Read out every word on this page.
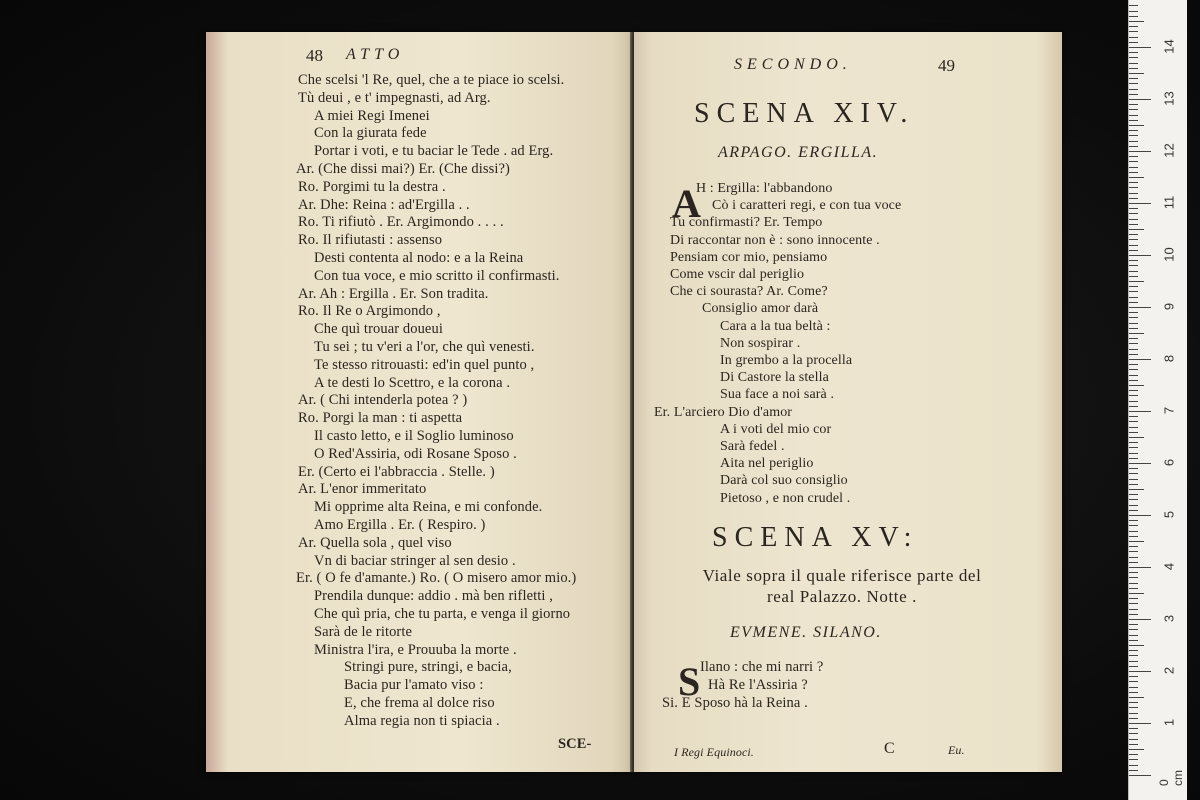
48 ATTO
Che scelsi 'l Re, quel, che a te piace io scelsi.
Tù deui , e t' impegnasti, ad Arg.
A miei Regi Imenei
Con la giurata fede
Portar i voti, e tu baciar le Tede . ad Erg.
Ar. (Che dissi mai?) Er. (Che dissi?)
Ro. Porgimi tu la destra .
Ar. Dhe: Reina : ad'Ergilla . .
Ro. Ti rifiutò . Er. Argimondo . . . .
Ro. Il rifiutasti : assenso
Desti contenta al nodo: e a la Reina
Con tua voce, e mio scritto il confirmasti.
Ar. Ah : Ergilla . Er. Son tradita.
Ro. Il Re o Argimondo ,
Che quì trouar doueui
Tu sei ; tu v'eri a l'or, che quì venesti.
Te stesso ritrouasti: ed'in quel punto ,
A te desti lo Scettro, e la corona .
Ar. ( Chi intenderla potea ? )
Ro. Porgi la man : ti aspetta
Il casto letto, e il Soglio luminoso
O Red'Assiria, odi Rosane Sposo .
Er. (Certo ei l'abbraccia . Stelle. )
Ar. L'enor immeritato
Mi opprime alta Reina, e mi confonde.
Amo Ergilla . Er. ( Respiro. )
Ar. Quella sola , quel viso
Vn di baciar stringer al sen desio .
Er. ( O fe d'amante.) Ro. ( O misero amor mio.)
Prendila dunque: addio . mà ben rifletti ,
Che quì pria, che tu parta, e venga il giorno
Sarà de le ritorte
Ministra l'ira, e Prouuba la morte .
Stringi pure, stringi, e bacia,
Bacia pur l'amato viso :
E, che frema al dolce riso
Alma regia non ti spiacia .
SCE-
SECONDO.	49
SCENA XIV.
ARPAGO. ERGILLA.
A
H : Ergilla: l'abbandono
Cò i caratteri regi, e con tua voce
Tu confirmasti? Er. Tempo
Di raccontar non è : sono innocente .
Pensiam cor mio, pensiamo
Come vscir dal periglio
Che ci sourasta? Ar. Come?
Consiglio amor darà
Cara a la tua beltà :
Non sospirar .
In grembo a la procella
Di Castore la stella
Sua face a noi sarà .
Er. L'arciero Dio d'amor
A i voti del mio cor
Sarà fedel .
Aita nel periglio
Darà col suo consiglio
Pietoso , e non crudel .
SCENA XV:
Viale sopra il quale riferisce parte del
real Palazzo. Notte .
EVMENE. SILANO.
S Ilano : che mi narri ?
Hà Re l'Assiria ?
Si. E Sposo hà la Reina .
I Regi Equinoci.	C	Eu.
14
13
12
11
10
9
8
7
6
5
4
3
2
1
0 cm
